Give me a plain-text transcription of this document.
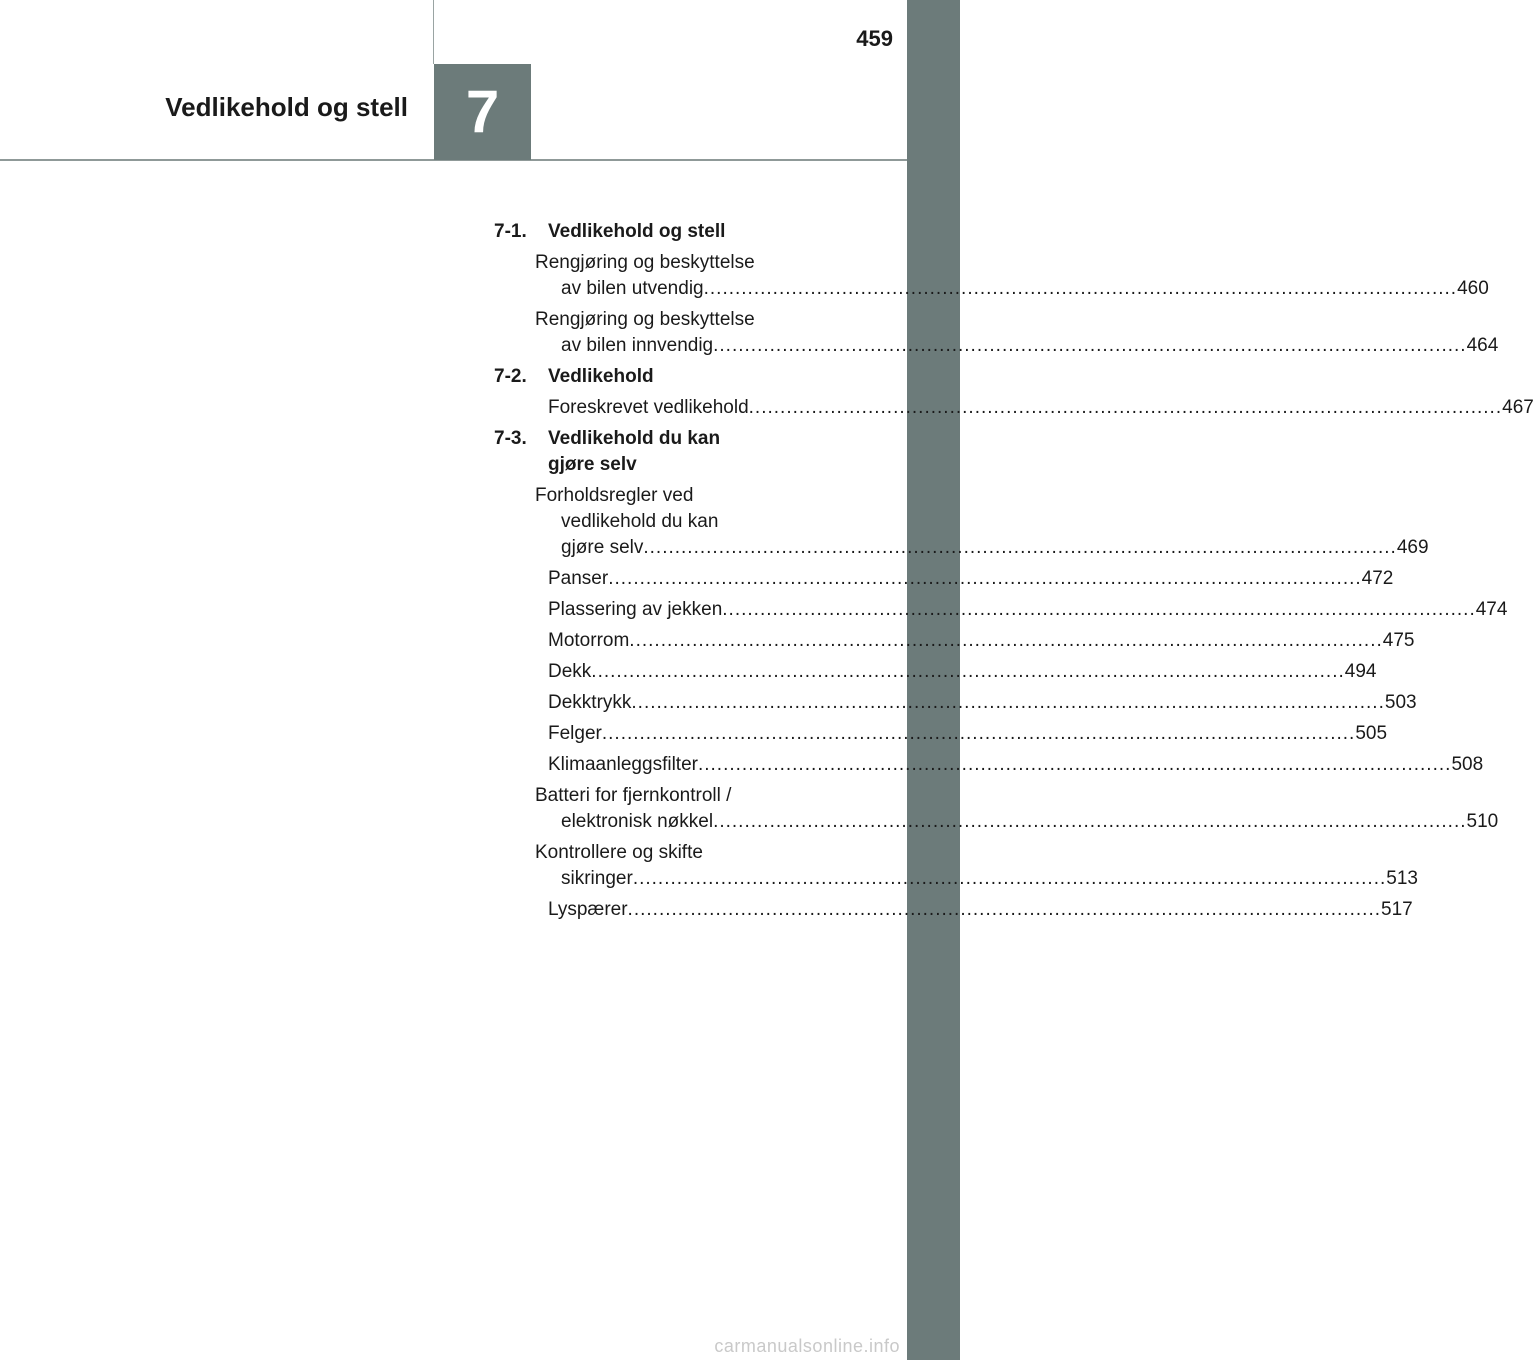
Vedlikehold og stell 7
459
7-1.	Vedlikehold og stell
Rengjøring og beskyttelse
av bilen utvendig ........................................................................................................................ 460
Rengjøring og beskyttelse
av bilen innvendig ........................................................................................................................ 464
7-2.	Vedlikehold
Foreskrevet vedlikehold ........................................................................................................................ 467
7-3.	Vedlikehold du kan
gjøre selv
Forholdsregler ved
vedlikehold du kan
gjøre selv ........................................................................................................................ 469
Panser ........................................................................................................................ 472
Plassering av jekken ........................................................................................................................ 474
Motorrom ........................................................................................................................ 475
Dekk ........................................................................................................................ 494
Dekktrykk ........................................................................................................................ 503
Felger ........................................................................................................................ 505
Klimaanleggsfilter ........................................................................................................................ 508
Batteri for fjernkontroll /
elektronisk nøkkel ........................................................................................................................ 510
Kontrollere og skifte
sikringer ........................................................................................................................ 513
Lyspærer ........................................................................................................................ 517
carmanualsonline.info
